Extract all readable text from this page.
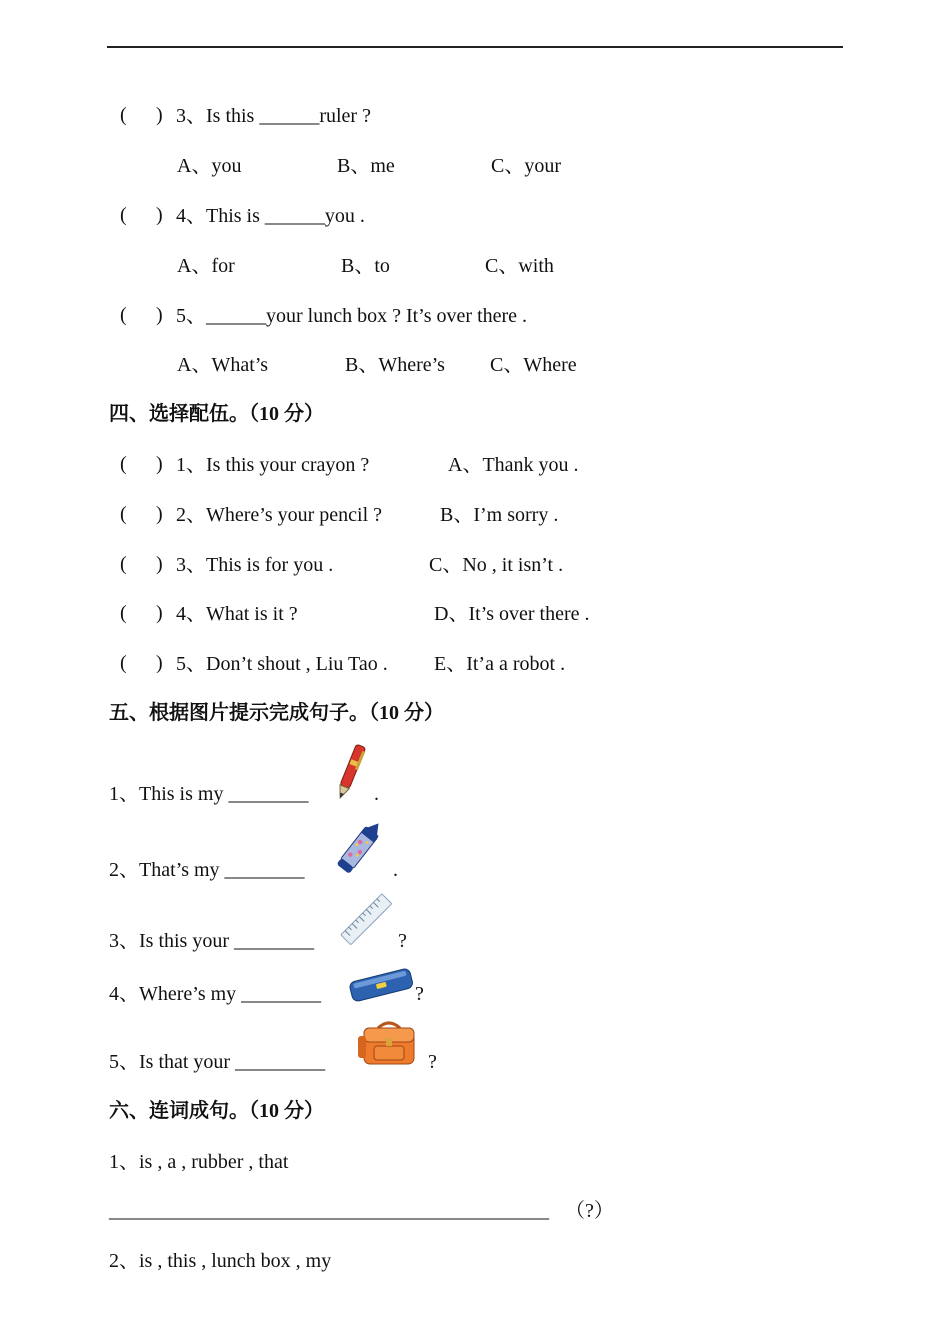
( ) 3、Is this ______ruler ?
A、you	B、me	C、your
( ) 4、This is ______you .
A、for	B、to	C、with
( ) 5、______your lunch box ? It’s over there .
A、What’s	B、Where’s C、Where
四、选择配伍。（10 分）
( ) 1、Is this your crayon ?	A、Thank you .
( ) 2、Where’s your pencil ?	B、I’m sorry .
( ) 3、This is for you .	C、No , it isn’t .
( ) 4、What is it ?	D、It’s over there .
( ) 5、Don’t shout , Liu Tao . E、It’a a robot .
五、根据图片提示完成句子。（10 分）
1、This is my ________	.
2、That’s my ________	.
3、Is this your ________	?
4、Where’s my ________	?
5、Is that your _________	?
六、连词成句。（10 分）
1、is , a , rubber , that
____________________________________________ （?）
2、is , this , lunch box , my
